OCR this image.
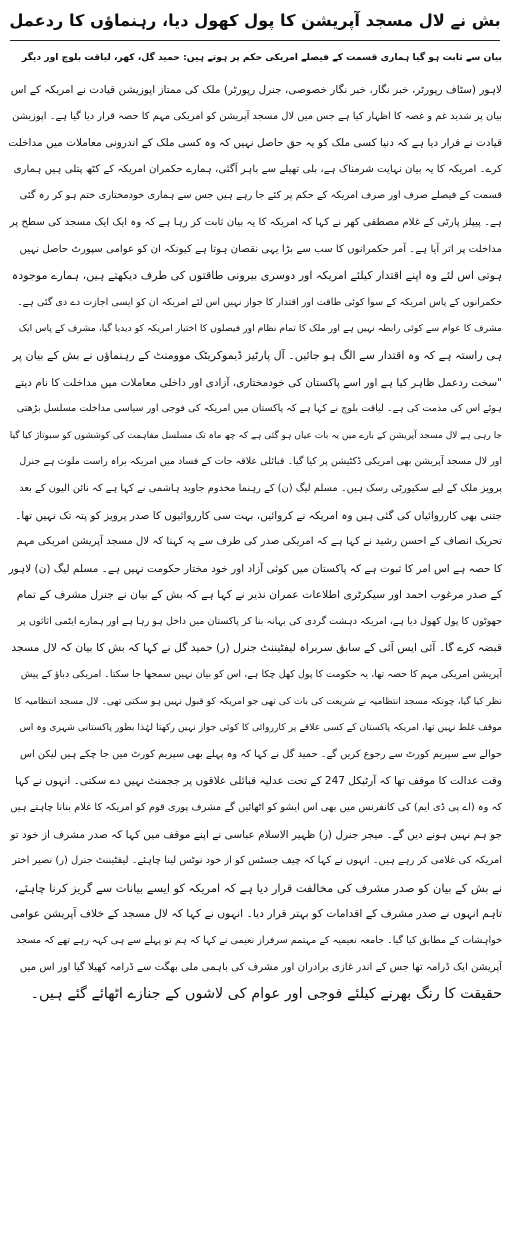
بش نے لال مسجد آپریشن کا پول کھول دیا، رہنماؤں کا ردعمل
بیان سے ثابت ہو گیا ہماری قسمت کے فیصلے امریکی حکم پر ہوتے ہیں: حمید گل، کھر، لیاقت بلوچ اور دیگر
لاہور (سٹاف رپورٹر، خبر نگار، خبر نگار خصوصی، جنرل رپورٹر) ملک کی ممتاز اپوزیشن قیادت نے امریکہ کے اس
بیان پر شدید غم و غصہ کا اظہار کیا ہے جس میں لال مسجد آپریشن کو امریکی مہم کا حصہ قرار دیا گیا ہے۔ اپوزیشن
قیادت نے قرار دیا ہے کہ دنیا کسی ملک کو یہ حق حاصل نہیں کہ وہ کسی ملک کے اندرونی معاملات میں مداخلت
کرے۔ امریکہ کا یہ بیان نہایت شرمناک ہے، بلی تھیلے سے باہر آگئی، ہمارے حکمران امریکہ کے کٹھ پتلی ہیں ہماری
قسمت کے فیصلے صرف اور صرف امریکہ کے حکم پر کئے جا رہے ہیں جس سے ہماری خودمختاری ختم ہو کر رہ گئی
ہے۔ پیپلز پارٹی کے غلام مصطفی کھر نے کہا کہ امریکہ کا یہ بیان ثابت کر رہا ہے کہ وہ ایک ایک مسجد کی سطح پر
مداخلت پر اتر آیا ہے۔ آمر حکمرانوں کا سب سے بڑا یہی نقصان ہوتا ہے کیونکہ ان کو عوامی سپورٹ حاصل نہیں
ہوتی اس لئے وہ اپنے اقتدار کیلئے امریکہ اور دوسری بیرونی طاقتوں کی طرف دیکھتے ہیں، ہمارے موجودہ
حکمرانوں کے پاس امریکہ کے سوا کوئی طاقت اور اقتدار کا جواز نہیں اس لئے امریکہ ان کو ایسی اجازت دے دی گئی ہے۔
مشرف کا عوام سے کوئی رابطہ نہیں ہے اور ملک کا تمام نظام اور فیصلوں کا اختیار امریکہ کو دیدیا گیا، مشرف کے پاس ایک
ہی راستہ ہے کہ وہ اقتدار سے الگ ہو جائیں۔ آل پارٹیز ڈیموکریٹک موومنٹ کے رہنماؤں نے بش کے بیان پر
"سخت ردعمل ظاہر کیا ہے اور اسے پاکستان کی خودمختاری، آزادی اور داخلی معاملات میں مداخلت کا نام دیتے
ہوئے اس کی مذمت کی ہے۔ لیاقت بلوچ نے کہا ہے کہ پاکستان میں امریکہ کی فوجی اور سیاسی مداخلت مسلسل بڑھتی
جا رہی ہے لال مسجد آپریشن کے بارے میں یہ بات عیاں ہو گئی ہے کہ چھ ماہ تک مسلسل مفاہمت کی کوششوں کو سبوتاژ کیا گیا
اور لال مسجد آپریشن بھی امریکی ڈکٹیشن پر کیا گیا۔ قبائلی علاقہ جات کے فساد میں امریکہ براہ راست ملوث ہے جنرل
پرویز ملک کے لیے سکیورٹی رسک ہیں۔ مسلم لیگ (ن) کے رہنما مخدوم جاوید ہاشمی نے کہا ہے کہ نائن الیون کے بعد
جتنی بھی کارروائیاں کی گئی ہیں وہ امریکہ نے کروائیں، بہت سی کارروائیوں کا صدر پرویز کو پتہ تک نہیں تھا۔
تحریک انصاف کے احسن رشید نے کہا ہے کہ امریکی صدر کی طرف سے یہ کہنا کہ لال مسجد آپریشن امریکی مہم
کا حصہ ہے اس امر کا ثبوت ہے کہ پاکستان میں کوئی آزاد اور خود مختار حکومت نہیں ہے۔ مسلم لیگ (ن) لاہور
کے صدر مرغوب احمد اور سیکرٹری اطلاعات عمران نذیر نے کہا ہے کہ بش کے بیان نے جنرل مشرف کے تمام
جھوٹوں کا پول کھول دیا ہے، امریکہ دہشت گردی کی بہانہ بنا کر پاکستان میں داخل ہو رہا ہے اور ہمارے ایٹمی اثاثوں پر
قبضہ کرے گا۔ آئی ایس آئی کے سابق سربراہ لیفٹیننٹ جنرل (ر) حمید گل نے کہا کہ بش کا بیان کہ لال مسجد
آپریشن امریکی مہم کا حصہ تھا، یہ حکومت کا پول کھل چکا ہے، اس کو بیان نہیں سمجھا جا سکتا۔ امریکی دباؤ کے پیش
نظر کیا گیا، چونکہ مسجد انتظامیہ نے شریعت کی بات کی تھی جو امریکہ کو قبول نہیں ہو سکتی تھی۔ لال مسجد انتظامیہ کا
موقف غلط نہیں تھا، امریکہ پاکستان کے کسی علاقے پر کارروائی کا کوئی جواز نہیں رکھتا لہٰذا بطور پاکستانی شہری وہ اس
حوالے سے سپریم کورٹ سے رجوع کریں گے۔ حمید گل نے کہا کہ وہ پہلے بھی سپریم کورٹ میں جا چکے ہیں لیکن اس
وقت عدالت کا موقف تھا کہ آرٹیکل 247 کے تحت عدلیہ قبائلی علاقوں پر ججمنٹ نہیں دے سکتی۔ انہوں نے کہا
کہ وہ (اے پی ڈی ایم) کی کانفرنس میں بھی اس ایشو کو اٹھائیں گے مشرف پوری قوم کو امریکہ کا غلام بنانا چاہتے ہیں
جو ہم نہیں ہونے دیں گے۔ میجر جنرل (ر) ظہیر الاسلام عباسی نے اپنے موقف میں کہا کہ صدر مشرف از خود تو
امریکہ کی غلامی کر رہے ہیں۔ انہوں نے کہا کہ چیف جسٹس کو از خود نوٹس لینا چاہئے۔ لیفٹیننٹ جنرل (ر) نصیر اختر
نے بش کے بیان کو صدر مشرف کی مخالفت قرار دیا ہے کہ امریکہ کو ایسے بیانات سے گریز کرنا چاہئے،
تاہم انہوں نے صدر مشرف کے اقدامات کو بہتر قرار دیا۔ انہوں نے کہا کہ لال مسجد کے خلاف آپریشن عوامی
خواہشات کے مطابق کیا گیا۔ جامعہ نعیمیہ کے مہتمم سرفراز نعیمی نے کہا کہ ہم تو پہلے سے ہی کہہ رہے تھے کہ مسجد
آپریشن ایک ڈرامہ تھا جس کے اندر غازی برادران اور مشرف کی باہمی ملی بھگت سے ڈرامہ کھیلا گیا اور اس میں
حقیقت کا رنگ بھرنے کیلئے فوجی اور عوام کی لاشوں کے جنازے اٹھائے گئے ہیں۔
